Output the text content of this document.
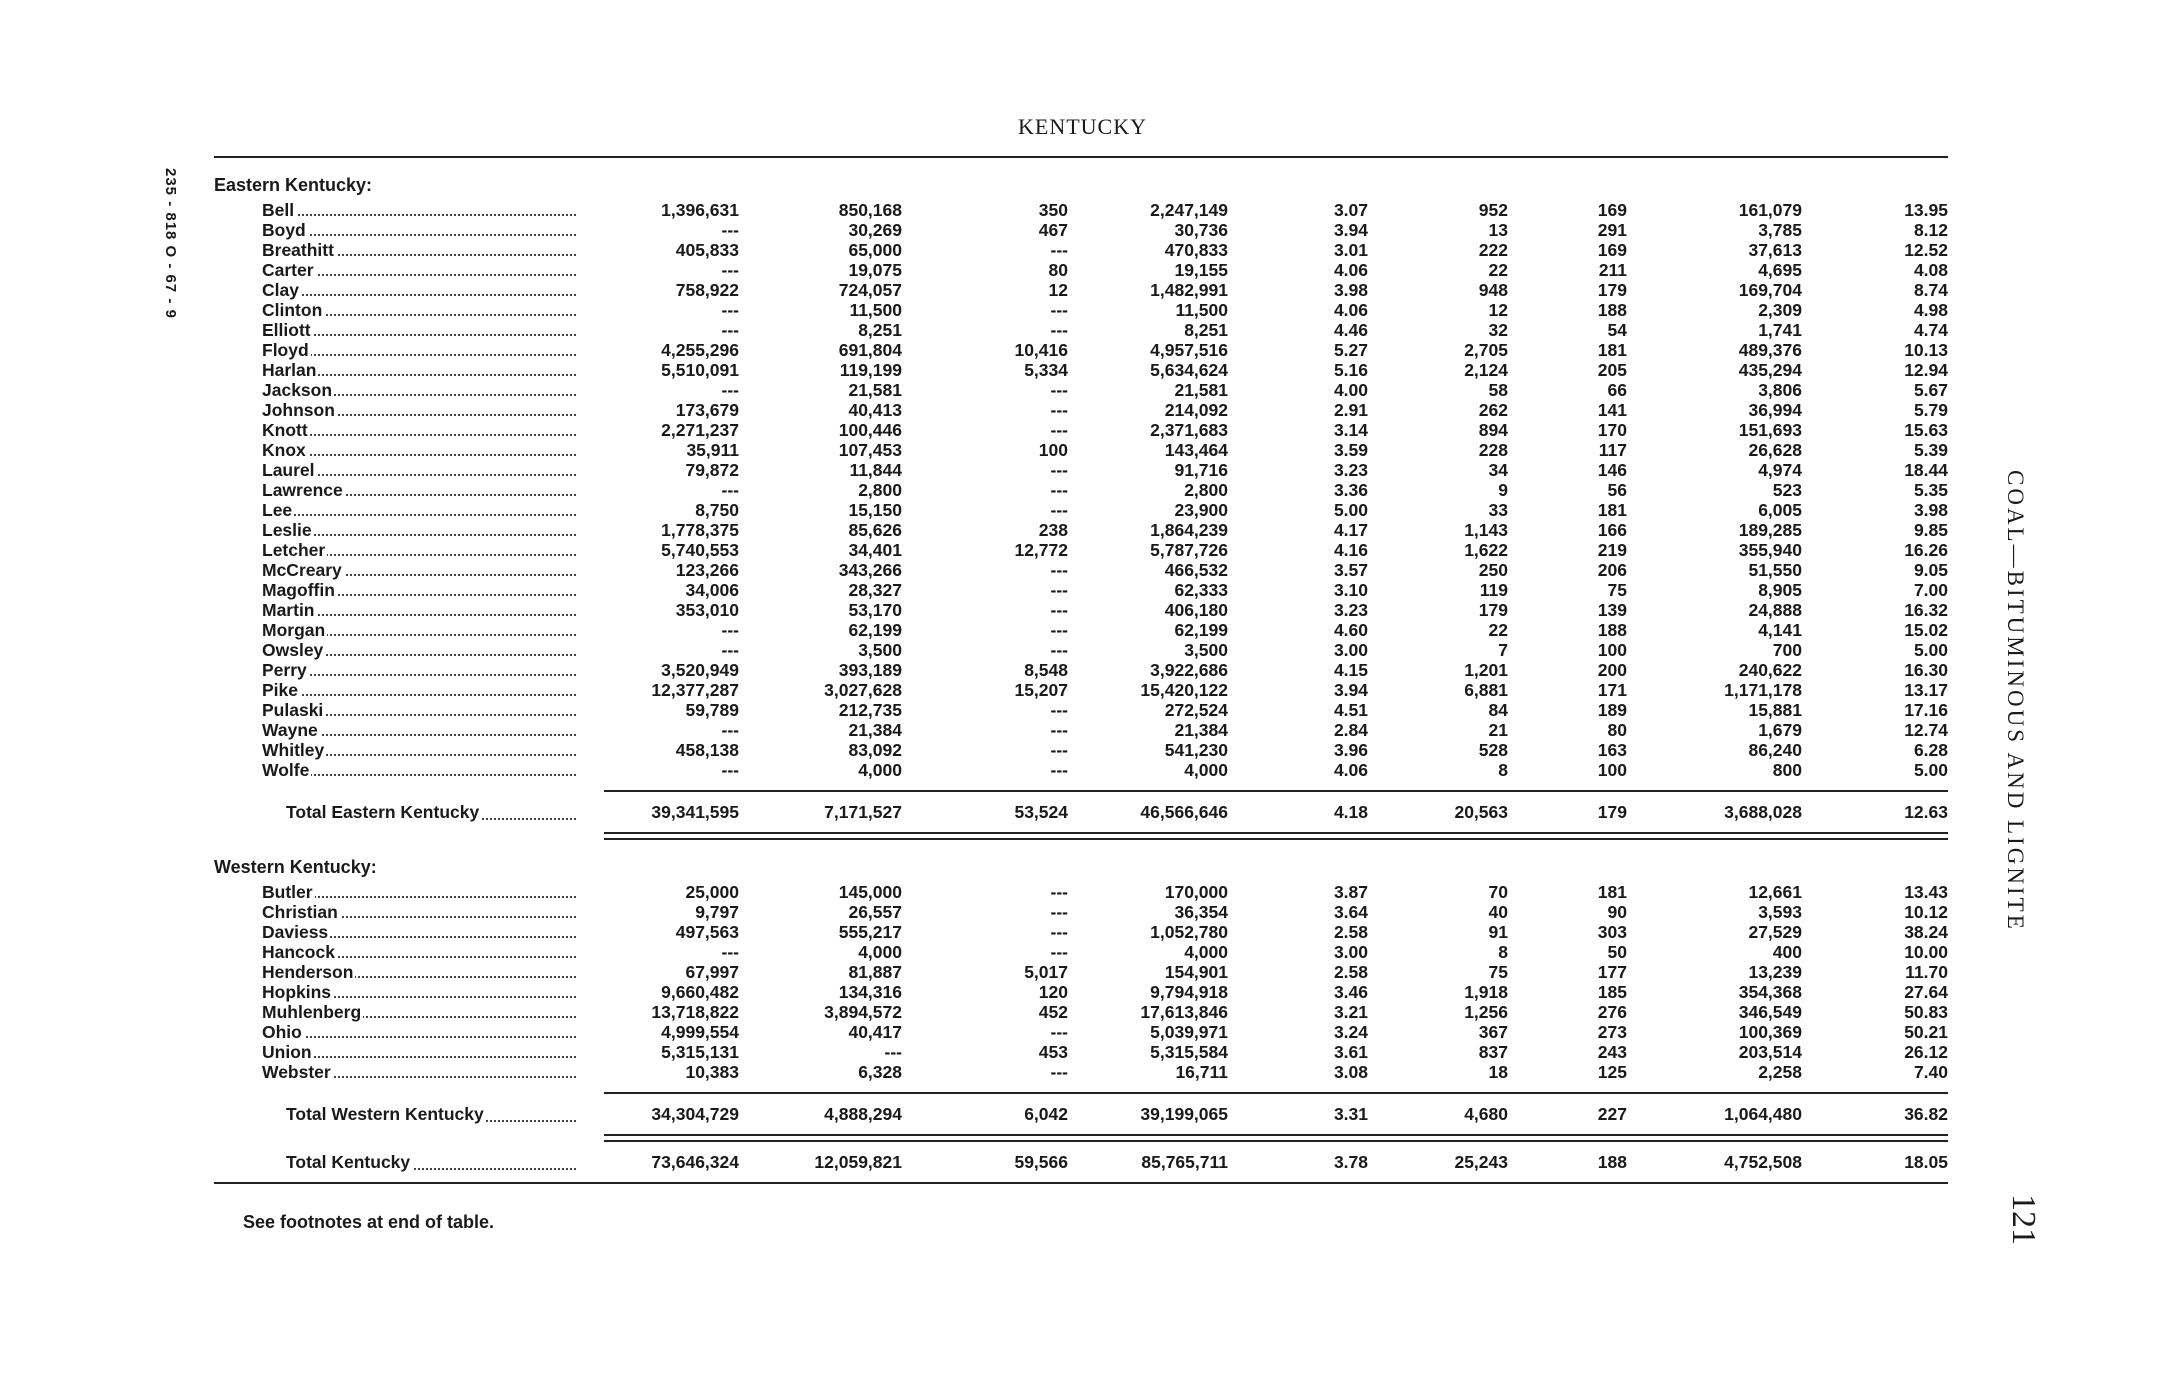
KENTUCKY
235 - 818 O - 67 - 9
COAL—BITUMINOUS AND LIGNITE
121
Eastern Kentucky:
Bell	1,396,631	850,168	350	2,247,149	3.07	952	169	161,079	13.95
Boyd	---	30,269	467	30,736	3.94	13	291	3,785	8.12
Breathitt	405,833	65,000	---	470,833	3.01	222	169	37,613	12.52
Carter	---	19,075	80	19,155	4.06	22	211	4,695	4.08
Clay	758,922	724,057	12	1,482,991	3.98	948	179	169,704	8.74
Clinton	---	11,500	---	11,500	4.06	12	188	2,309	4.98
Elliott	---	8,251	---	8,251	4.46	32	54	1,741	4.74
Floyd	4,255,296	691,804	10,416	4,957,516	5.27	2,705	181	489,376	10.13
Harlan	5,510,091	119,199	5,334	5,634,624	5.16	2,124	205	435,294	12.94
Jackson	---	21,581	---	21,581	4.00	58	66	3,806	5.67
Johnson	173,679	40,413	---	214,092	2.91	262	141	36,994	5.79
Knott	2,271,237	100,446	---	2,371,683	3.14	894	170	151,693	15.63
Knox	35,911	107,453	100	143,464	3.59	228	117	26,628	5.39
Laurel	79,872	11,844	---	91,716	3.23	34	146	4,974	18.44
Lawrence	---	2,800	---	2,800	3.36	9	56	523	5.35
Lee	8,750	15,150	---	23,900	5.00	33	181	6,005	3.98
Leslie	1,778,375	85,626	238	1,864,239	4.17	1,143	166	189,285	9.85
Letcher	5,740,553	34,401	12,772	5,787,726	4.16	1,622	219	355,940	16.26
McCreary	123,266	343,266	---	466,532	3.57	250	206	51,550	9.05
Magoffin	34,006	28,327	---	62,333	3.10	119	75	8,905	7.00
Martin	353,010	53,170	---	406,180	3.23	179	139	24,888	16.32
Morgan	---	62,199	---	62,199	4.60	22	188	4,141	15.02
Owsley	---	3,500	---	3,500	3.00	7	100	700	5.00
Perry	3,520,949	393,189	8,548	3,922,686	4.15	1,201	200	240,622	16.30
Pike	12,377,287	3,027,628	15,207	15,420,122	3.94	6,881	171	1,171,178	13.17
Pulaski	59,789	212,735	---	272,524	4.51	84	189	15,881	17.16
Wayne	---	21,384	---	21,384	2.84	21	80	1,679	12.74
Whitley	458,138	83,092	---	541,230	3.96	528	163	86,240	6.28
Wolfe	---	4,000	---	4,000	4.06	8	100	800	5.00
Total Eastern Kentucky	39,341,595	7,171,527	53,524	46,566,646	4.18	20,563	179	3,688,028	12.63
Western Kentucky:
Butler	25,000	145,000	---	170,000	3.87	70	181	12,661	13.43
Christian	9,797	26,557	---	36,354	3.64	40	90	3,593	10.12
Daviess	497,563	555,217	---	1,052,780	2.58	91	303	27,529	38.24
Hancock	---	4,000	---	4,000	3.00	8	50	400	10.00
Henderson	67,997	81,887	5,017	154,901	2.58	75	177	13,239	11.70
Hopkins	9,660,482	134,316	120	9,794,918	3.46	1,918	185	354,368	27.64
Muhlenberg	13,718,822	3,894,572	452	17,613,846	3.21	1,256	276	346,549	50.83
Ohio	4,999,554	40,417	---	5,039,971	3.24	367	273	100,369	50.21
Union	5,315,131	---	453	5,315,584	3.61	837	243	203,514	26.12
Webster	10,383	6,328	---	16,711	3.08	18	125	2,258	7.40
Total Western Kentucky	34,304,729	4,888,294	6,042	39,199,065	3.31	4,680	227	1,064,480	36.82
Total Kentucky	73,646,324	12,059,821	59,566	85,765,711	3.78	25,243	188	4,752,508	18.05
See footnotes at end of table.
